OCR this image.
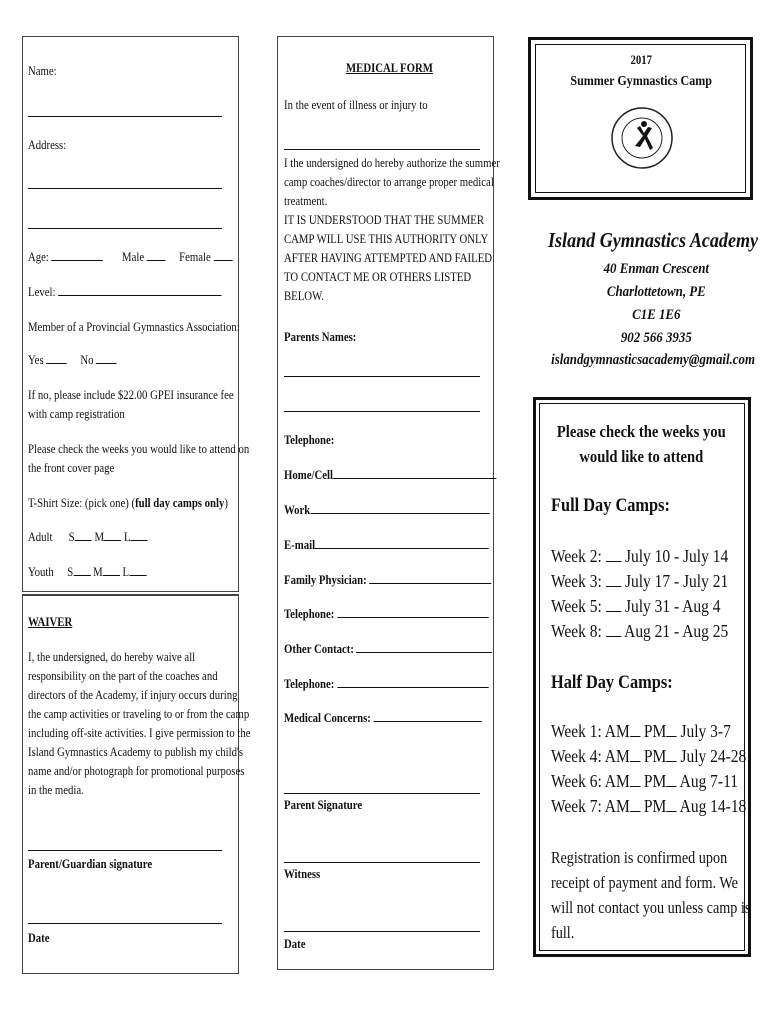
Name:
Address:
Age:	Male	Female
Level:
Member of a Provincial Gymnastics Association:
Yes	No
If no, please include $22.00 GPEI insurance fee
with camp registration
Please check the weeks you would like to attend on
the front cover page
T-Shirt Size: (pick one) (full day camps only)
Adult S M L
Youth S M L
WAIVER
I, the undersigned, do hereby waive all
responsibility on the part of the coaches and
directors of the Academy, if injury occurs during
the camp activities or traveling to or from the camp
including off-site activities. I give permission to the
Island Gymnastics Academy to publish my child's
name and/or photograph for promotional purposes
in the media.
Parent/Guardian signature
Date
MEDICAL FORM
In the event of illness or injury to
I the undersigned do hereby authorize the summer
camp coaches/director to arrange proper medical
treatment.
IT IS UNDERSTOOD THAT THE SUMMER
CAMP WILL USE THIS AUTHORITY ONLY
AFTER HAVING ATTEMPTED AND FAILED
TO CONTACT ME OR OTHERS LISTED
BELOW.
Parents Names:
Telephone:
Home/Cell
Work
E-mail
Family Physician:
Telephone:
Other Contact:
Telephone:
Medical Concerns:
Parent Signature
Witness
Date
2017
Summer Gymnastics Camp
Island Gymnastics Academy
40 Enman Crescent
Charlottetown, PE
C1E 1E6
902 566 3935
islandgymnasticsacademy@gmail.com
Please check the weeks you would like to attend
Full Day Camps:
Week 2: July 10 - July 14
Week 3: July 17 - July 21
Week 5: July 31 - Aug 4
Week 8: Aug 21 - Aug 25
Half Day Camps:
Week 1: AM PM July 3-7
Week 4: AM PM July 24-28
Week 6: AM PM Aug 7-11
Week 7: AM PM Aug 14-18
Registration is confirmed upon
receipt of payment and form. We
will not contact you unless camp is
full.
